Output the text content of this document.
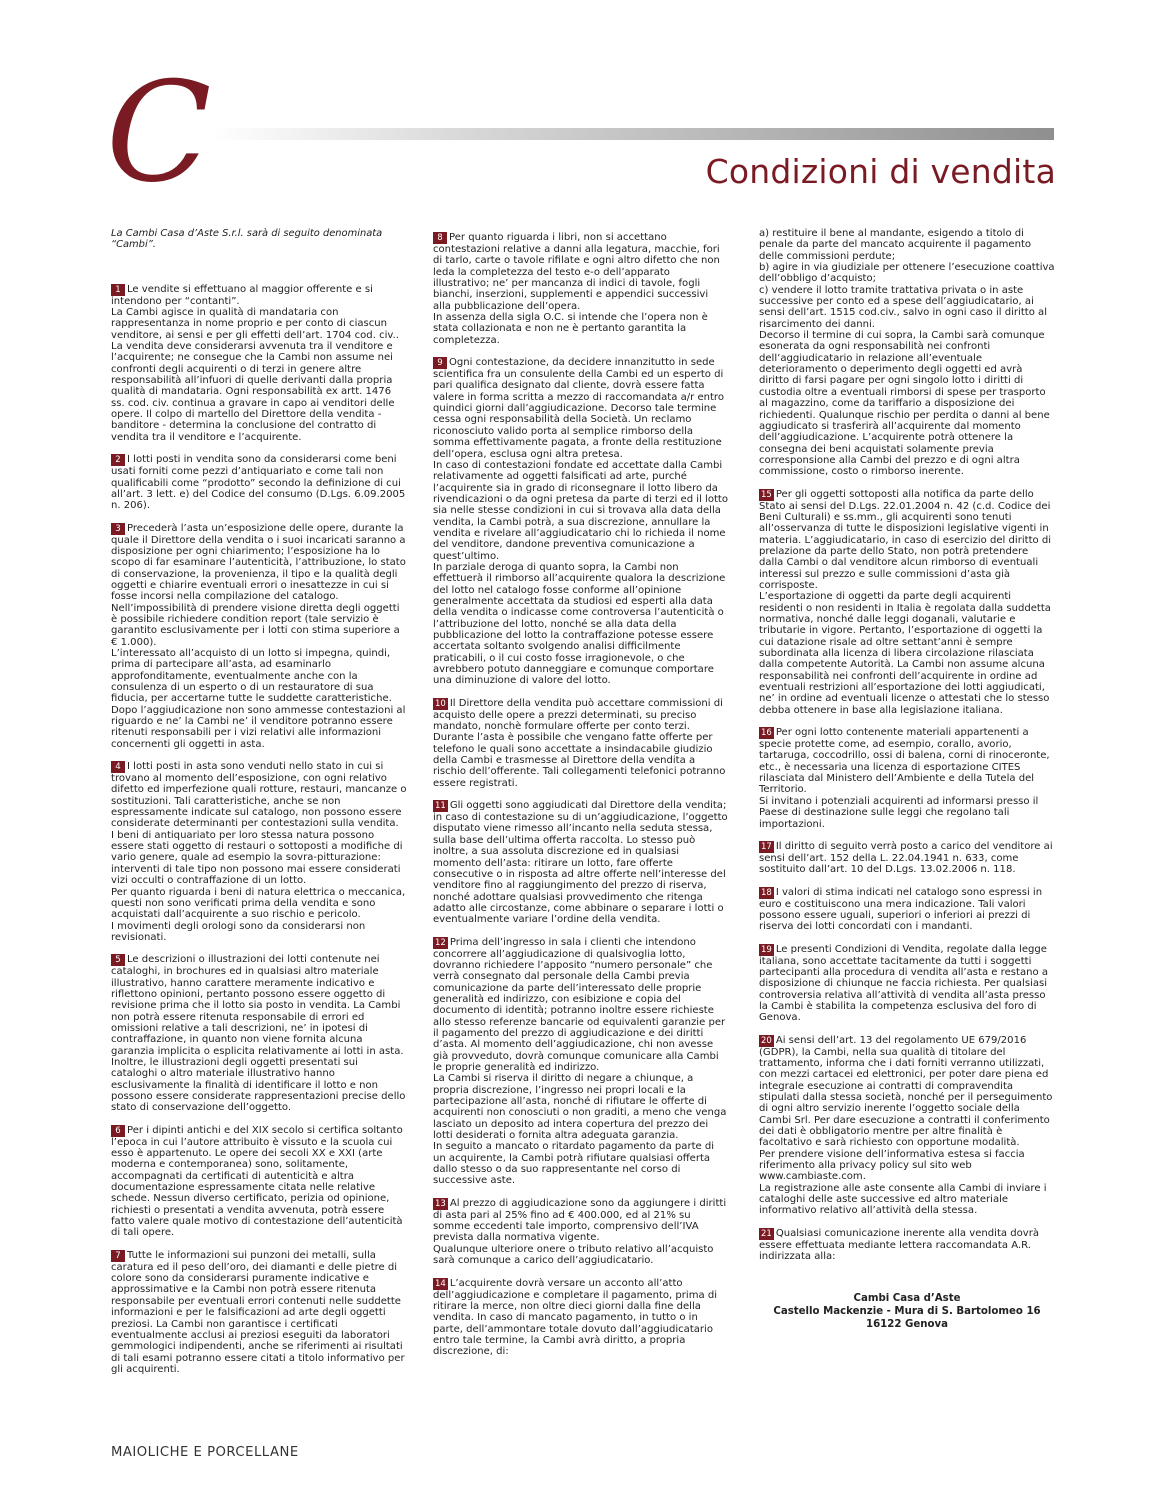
C	Condizioni di vendita

La Cambi Casa d’Aste S.r.l. sarà di seguito denominata “Cambi”.

1 Le vendite si effettuano al maggior offerente e si intendono per “contanti”.

La Cambi agisce in qualità di mandataria con rappresentanza in nome proprio e per conto di ciascun venditore, ai sensi e per gli effetti dell’art. 1704 cod. civ.. La vendita deve considerarsi avvenuta tra il venditore e l’acquirente; ne consegue che la Cambi non assume nei confronti degli acquirenti o di terzi in genere altre responsabilità all’infuori di quelle derivanti dalla propria qualità di mandataria. Ogni responsabilità ex artt. 1476 ss. cod. civ. continua a gravare in capo ai venditori delle opere. Il colpo di martello del Direttore della vendita - banditore - determina la conclusione del contratto di vendita tra il venditore e l’acquirente.

2 I lotti posti in vendita sono da considerarsi come beni usati forniti come pezzi d’antiquariato e come tali non qualificabili come “prodotto” secondo la definizione di cui all’art. 3 lett. e) del Codice del consumo (D.Lgs. 6.09.2005 n. 206).

3 Precederà l’asta un’esposizione delle opere, durante la quale il Direttore della vendita o i suoi incaricati saranno a disposizione per ogni chiarimento; l’esposizione ha lo scopo di far esaminare l’autenticità, l’attribuzione, lo stato di conservazione, la provenienza, il tipo e la qualità degli oggetti e chiarire eventuali errori o inesattezze in cui si fosse incorsi nella compilazione del catalogo. Nell’impossibilità di prendere visione diretta degli oggetti è possibile richiedere condition report (tale servizio è garantito esclusivamente per i lotti con stima superiore a € 1.000).

L’interessato all’acquisto di un lotto si impegna, quindi, prima di partecipare all’asta, ad esaminarlo approfonditamente, eventualmente anche con la consulenza di un esperto o di un restauratore di sua fiducia, per accertarne tutte le suddette caratteristiche. Dopo l’aggiudicazione non sono ammesse contestazioni al riguardo e ne’ la Cambi ne’ il venditore potranno essere ritenuti responsabili per i vizi relativi alle informazioni concernenti gli oggetti in asta.

4 I lotti posti in asta sono venduti nello stato in cui si trovano al momento dell’esposizione, con ogni relativo difetto ed imperfezione quali rotture, restauri, mancanze o sostituzioni. Tali caratteristiche, anche se non espressamente indicate sul catalogo, non possono essere considerate determinanti per contestazioni sulla vendita.

I beni di antiquariato per loro stessa natura possono essere stati oggetto di restauri o sottoposti a modifiche di vario genere, quale ad esempio la sovra-pitturazione: interventi di tale tipo non possono mai essere considerati vizi occulti o contraffazione di un lotto.

Per quanto riguarda i beni di natura elettrica o meccanica, questi non sono verificati prima della vendita e sono acquistati dall’acquirente a suo rischio e pericolo.

I movimenti degli orologi sono da considerarsi non revisionati.

5 Le descrizioni o illustrazioni dei lotti contenute nei cataloghi, in brochures ed in qualsiasi altro materiale illustrativo, hanno carattere meramente indicativo e riflettono opinioni, pertanto possono essere oggetto di revisione prima che il lotto sia posto in vendita. La Cambi non potrà essere ritenuta responsabile di errori ed omissioni relative a tali descrizioni, ne’ in ipotesi di contraffazione, in quanto non viene fornita alcuna garanzia implicita o esplicita relativamente ai lotti in asta. Inoltre, le illustrazioni degli oggetti presentati sui cataloghi o altro materiale illustrativo hanno esclusivamente la finalità di identificare il lotto e non possono essere considerate rappresentazioni precise dello stato di conservazione dell’oggetto.

6 Per i dipinti antichi e del XIX secolo si certifica soltanto l’epoca in cui l’autore attribuito è vissuto e la scuola cui esso è appartenuto. Le opere dei secoli XX e XXI (arte moderna e contemporanea) sono, solitamente, accompagnati da certificati di autenticità e altra documentazione espressamente citata nelle relative schede. Nessun diverso certificato, perizia od opinione, richiesti o presentati a vendita avvenuta, potrà essere fatto valere quale motivo di contestazione dell’autenticità di tali opere.

7 Tutte le informazioni sui punzoni dei metalli, sulla caratura ed il peso dell’oro, dei diamanti e delle pietre di colore sono da considerarsi puramente indicative e approssimative e la Cambi non potrà essere ritenuta responsabile per eventuali errori contenuti nelle suddette informazioni e per le falsificazioni ad arte degli oggetti preziosi. La Cambi non garantisce i certificati eventualmente acclusi ai preziosi eseguiti da laboratori gemmologici indipendenti, anche se riferimenti ai risultati di tali esami potranno essere citati a titolo informativo per gli acquirenti.

8 Per quanto riguarda i libri, non si accettano contestazioni relative a danni alla legatura, macchie, fori di tarlo, carte o tavole rifilate e ogni altro difetto che non leda la completezza del testo e-o dell’apparato illustrativo; ne’ per mancanza di indici di tavole, fogli bianchi, inserzioni, supplementi e appendici successivi alla pubblicazione dell’opera.

In assenza della sigla O.C. si intende che l’opera non è stata collazionata e non ne è pertanto garantita la completezza.

9 Ogni contestazione, da decidere innanzitutto in sede scientifica fra un consulente della Cambi ed un esperto di pari qualifica designato dal cliente, dovrà essere fatta valere in forma scritta a mezzo di raccomandata a/r entro quindici giorni dall’aggiudicazione. Decorso tale termine cessa ogni responsabilità della Società. Un reclamo riconosciuto valido porta al semplice rimborso della somma effettivamente pagata, a fronte della restituzione dell’opera, esclusa ogni altra pretesa.

In caso di contestazioni fondate ed accettate dalla Cambi relativamente ad oggetti falsificati ad arte, purché l’acquirente sia in grado di riconsegnare il lotto libero da rivendicazioni o da ogni pretesa da parte di terzi ed il lotto sia nelle stesse condizioni in cui si trovava alla data della vendita, la Cambi potrà, a sua discrezione, annullare la vendita e rivelare all’aggiudicatario chi lo richieda il nome del venditore, dandone preventiva comunicazione a quest’ultimo.

In parziale deroga di quanto sopra, la Cambi non effettuerà il rimborso all’acquirente qualora la descrizione del lotto nel catalogo fosse conforme all’opinione generalmente accettata da studiosi ed esperti alla data della vendita o indicasse come controversa l’autenticità o l’attribuzione del lotto, nonché se alla data della pubblicazione del lotto la contraffazione potesse essere accertata soltanto svolgendo analisi difficilmente praticabili, o il cui costo fosse irragionevole, o che avrebbero potuto danneggiare e comunque comportare una diminuzione di valore del lotto.

10 Il Direttore della vendita può accettare commissioni di acquisto delle opere a prezzi determinati, su preciso mandato, nonchè formulare offerte per conto terzi. Durante l’asta è possibile che vengano fatte offerte per telefono le quali sono accettate a insindacabile giudizio della Cambi e trasmesse al Direttore della vendita a rischio dell’offerente. Tali collegamenti telefonici potranno essere registrati.

11 Gli oggetti sono aggiudicati dal Direttore della vendita; in caso di contestazione su di un’aggiudicazione, l’oggetto disputato viene rimesso all’incanto nella seduta stessa, sulla base dell’ultima offerta raccolta. Lo stesso può inoltre, a sua assoluta discrezione ed in qualsiasi momento dell’asta: ritirare un lotto, fare offerte consecutive o in risposta ad altre offerte nell’interesse del venditore fino al raggiungimento del prezzo di riserva, nonché adottare qualsiasi provvedimento che ritenga adatto alle circostanze, come abbinare o separare i lotti o eventualmente variare l’ordine della vendita.

12 Prima dell’ingresso in sala i clienti che intendono concorrere all’aggiudicazione di qualsivoglia lotto, dovranno richiedere l’apposito “numero personale” che verrà consegnato dal personale della Cambi previa comunicazione da parte dell’interessato delle proprie generalità ed indirizzo, con esibizione e copia del documento di identità; potranno inoltre essere richieste allo stesso referenze bancarie od equivalenti garanzie per il pagamento del prezzo di aggiudicazione e dei diritti d’asta. Al momento dell’aggiudicazione, chi non avesse già provveduto, dovrà comunque comunicare alla Cambi le proprie generalità ed indirizzo.

La Cambi si riserva il diritto di negare a chiunque, a propria discrezione, l’ingresso nei propri locali e la partecipazione all’asta, nonché di rifiutare le offerte di acquirenti non conosciuti o non graditi, a meno che venga lasciato un deposito ad intera copertura del prezzo dei lotti desiderati o fornita altra adeguata garanzia.

In seguito a mancato o ritardato pagamento da parte di un acquirente, la Cambi potrà rifiutare qualsiasi offerta dallo stesso o da suo rappresentante nel corso di successive aste.

13 Al prezzo di aggiudicazione sono da aggiungere i diritti di asta pari al 25% fino ad € 400.000, ed al 21% su somme eccedenti tale importo, comprensivo dell’IVA prevista dalla normativa vigente.

Qualunque ulteriore onere o tributo relativo all’acquisto sarà comunque a carico dell’aggiudicatario.

14 L’acquirente dovrà versare un acconto all’atto dell’aggiudicazione e completare il pagamento, prima di ritirare la merce, non oltre dieci giorni dalla fine della vendita. In caso di mancato pagamento, in tutto o in parte, dell’ammontare totale dovuto dall’aggiudicatario entro tale termine, la Cambi avrà diritto, a propria discrezione, di:

a) restituire il bene al mandante, esigendo a titolo di penale da parte del mancato acquirente il pagamento delle commissioni perdute;

b) agire in via giudiziale per ottenere l’esecuzione coattiva dell’obbligo d’acquisto;

c) vendere il lotto tramite trattativa privata o in aste successive per conto ed a spese dell’aggiudicatario, ai sensi dell’art. 1515 cod.civ., salvo in ogni caso il diritto al risarcimento dei danni.

Decorso il termine di cui sopra, la Cambi sarà comunque esonerata da ogni responsabilità nei confronti dell’aggiudicatario in relazione all’eventuale deterioramento o deperimento degli oggetti ed avrà diritto di farsi pagare per ogni singolo lotto i diritti di custodia oltre a eventuali rimborsi di spese per trasporto al magazzino, come da tariffario a disposizione dei richiedenti. Qualunque rischio per perdita o danni al bene aggiudicato si trasferirà all’acquirente dal momento dell’aggiudicazione. L’acquirente potrà ottenere la consegna dei beni acquistati solamente previa corresponsione alla Cambi del prezzo e di ogni altra commissione, costo o rimborso inerente.

15 Per gli oggetti sottoposti alla notifica da parte dello Stato ai sensi del D.Lgs. 22.01.2004 n. 42 (c.d. Codice dei Beni Culturali) e ss.mm., gli acquirenti sono tenuti all’osservanza di tutte le disposizioni legislative vigenti in materia. L’aggiudicatario, in caso di esercizio del diritto di prelazione da parte dello Stato, non potrà pretendere dalla Cambi o dal venditore alcun rimborso di eventuali interessi sul prezzo e sulle commissioni d’asta già corrisposte.

L’esportazione di oggetti da parte degli acquirenti residenti o non residenti in Italia è regolata dalla suddetta normativa, nonché dalle leggi doganali, valutarie e tributarie in vigore. Pertanto, l’esportazione di oggetti la cui datazione risale ad oltre settant’anni è sempre subordinata alla licenza di libera circolazione rilasciata dalla competente Autorità. La Cambi non assume alcuna responsabilità nei confronti dell’acquirente in ordine ad eventuali restrizioni all’esportazione dei lotti aggiudicati, ne’ in ordine ad eventuali licenze o attestati che lo stesso debba ottenere in base alla legislazione italiana.

16 Per ogni lotto contenente materiali appartenenti a specie protette come, ad esempio, corallo, avorio, tartaruga, coccodrillo, ossi di balena, corni di rinoceronte, etc., è necessaria una licenza di esportazione CITES rilasciata dal Ministero dell’Ambiente e della Tutela del Territorio.

Si invitano i potenziali acquirenti ad informarsi presso il Paese di destinazione sulle leggi che regolano tali importazioni.

17 Il diritto di seguito verrà posto a carico del venditore ai sensi dell’art. 152 della L. 22.04.1941 n. 633, come sostituito dall’art. 10 del D.Lgs. 13.02.2006 n. 118.

18 I valori di stima indicati nel catalogo sono espressi in euro e costituiscono una mera indicazione. Tali valori possono essere uguali, superiori o inferiori ai prezzi di riserva dei lotti concordati con i mandanti.

19 Le presenti Condizioni di Vendita, regolate dalla legge italiana, sono accettate tacitamente da tutti i soggetti partecipanti alla procedura di vendita all’asta e restano a disposizione di chiunque ne faccia richiesta. Per qualsiasi controversia relativa all’attività di vendita all’asta presso la Cambi è stabilita la competenza esclusiva del foro di Genova.

20 Ai sensi dell’art. 13 del regolamento UE 679/2016 (GDPR), la Cambi, nella sua qualità di titolare del trattamento, informa che i dati forniti verranno utilizzati, con mezzi cartacei ed elettronici, per poter dare piena ed integrale esecuzione ai contratti di compravendita stipulati dalla stessa società, nonché per il perseguimento di ogni altro servizio inerente l’oggetto sociale della Cambi Srl. Per dare esecuzione a contratti il conferimento dei dati è obbligatorio mentre per altre finalità è facoltativo e sarà richiesto con opportune modalità.

Per prendere visione dell’informativa estesa si faccia riferimento alla privacy policy sul sito web www.cambiaste.com.

La registrazione alle aste consente alla Cambi di inviare i cataloghi delle aste successive ed altro materiale informativo relativo all’attività della stessa.

21 Qualsiasi comunicazione inerente alla vendita dovrà essere effettuata mediante lettera raccomandata A.R. indirizzata alla:

Cambi Casa d’Aste
Castello Mackenzie - Mura di S. Bartolomeo 16
16122 Genova
MAIOLICHE E PORCELLANE
